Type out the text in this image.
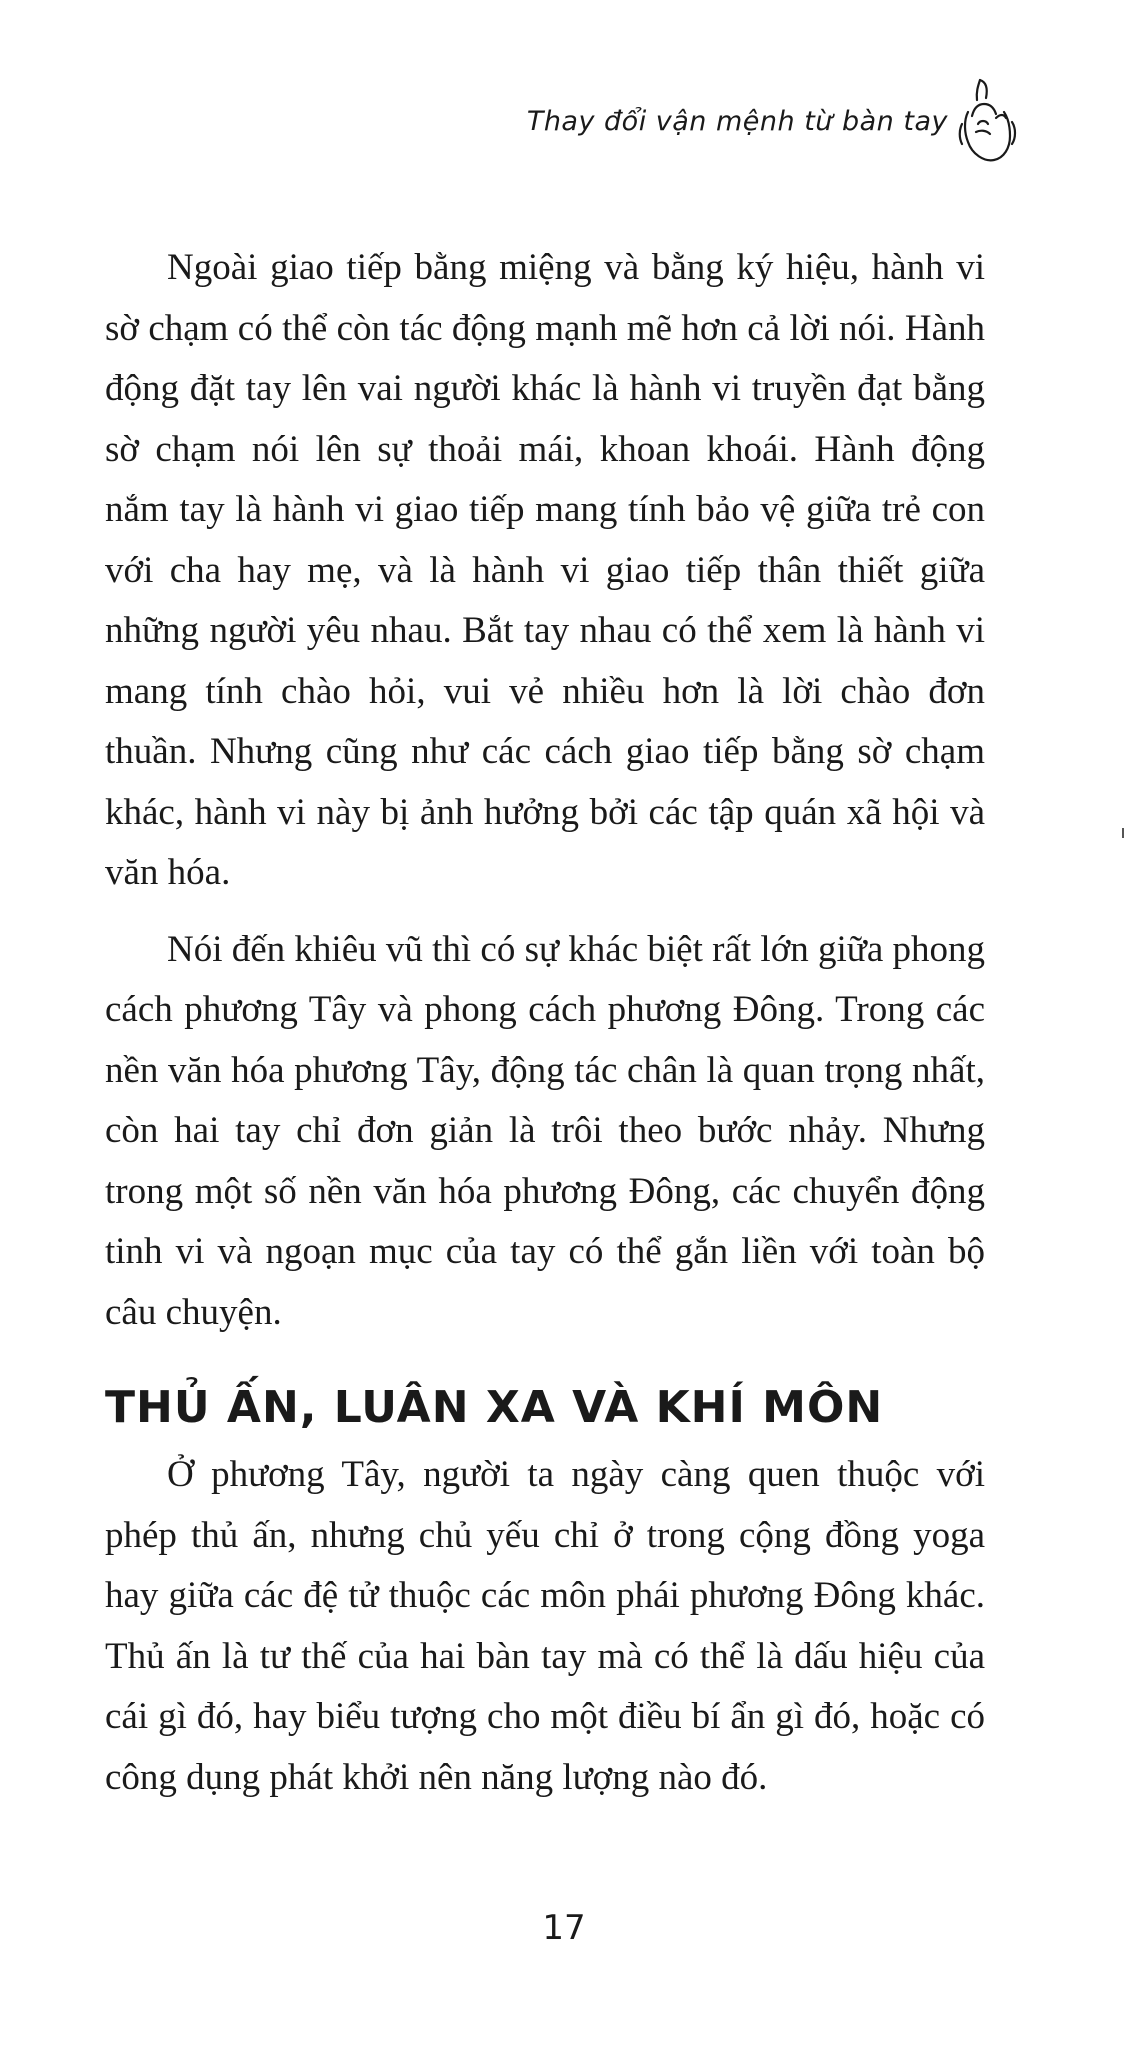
Thay đổi vận mệnh từ bàn tay

Ngoài giao tiếp bằng miệng và bằng ký hiệu, hành vi sờ chạm có thể còn tác động mạnh mẽ hơn cả lời nói. Hành động đặt tay lên vai người khác là hành vi truyền đạt bằng sờ chạm nói lên sự thoải mái, khoan khoái. Hành động nắm tay là hành vi giao tiếp mang tính bảo vệ giữa trẻ con với cha hay mẹ, và là hành vi giao tiếp thân thiết giữa những người yêu nhau. Bắt tay nhau có thể xem là hành vi mang tính chào hỏi, vui vẻ nhiều hơn là lời chào đơn thuần. Nhưng cũng như các cách giao tiếp bằng sờ chạm khác, hành vi này bị ảnh hưởng bởi các tập quán xã hội và văn hóa.

Nói đến khiêu vũ thì có sự khác biệt rất lớn giữa phong cách phương Tây và phong cách phương Đông. Trong các nền văn hóa phương Tây, động tác chân là quan trọng nhất, còn hai tay chỉ đơn giản là trôi theo bước nhảy. Nhưng trong một số nền văn hóa phương Đông, các chuyển động tinh vi và ngoạn mục của tay có thể gắn liền với toàn bộ câu chuyện.

THỦ ẤN, LUÂN XA VÀ KHÍ MÔN

Ở phương Tây, người ta ngày càng quen thuộc với phép thủ ấn, nhưng chủ yếu chỉ ở trong cộng đồng yoga hay giữa các đệ tử thuộc các môn phái phương Đông khác. Thủ ấn là tư thế của hai bàn tay mà có thể là dấu hiệu của cái gì đó, hay biểu tượng cho một điều bí ẩn gì đó, hoặc có công dụng phát khởi nên năng lượng nào đó.

17
